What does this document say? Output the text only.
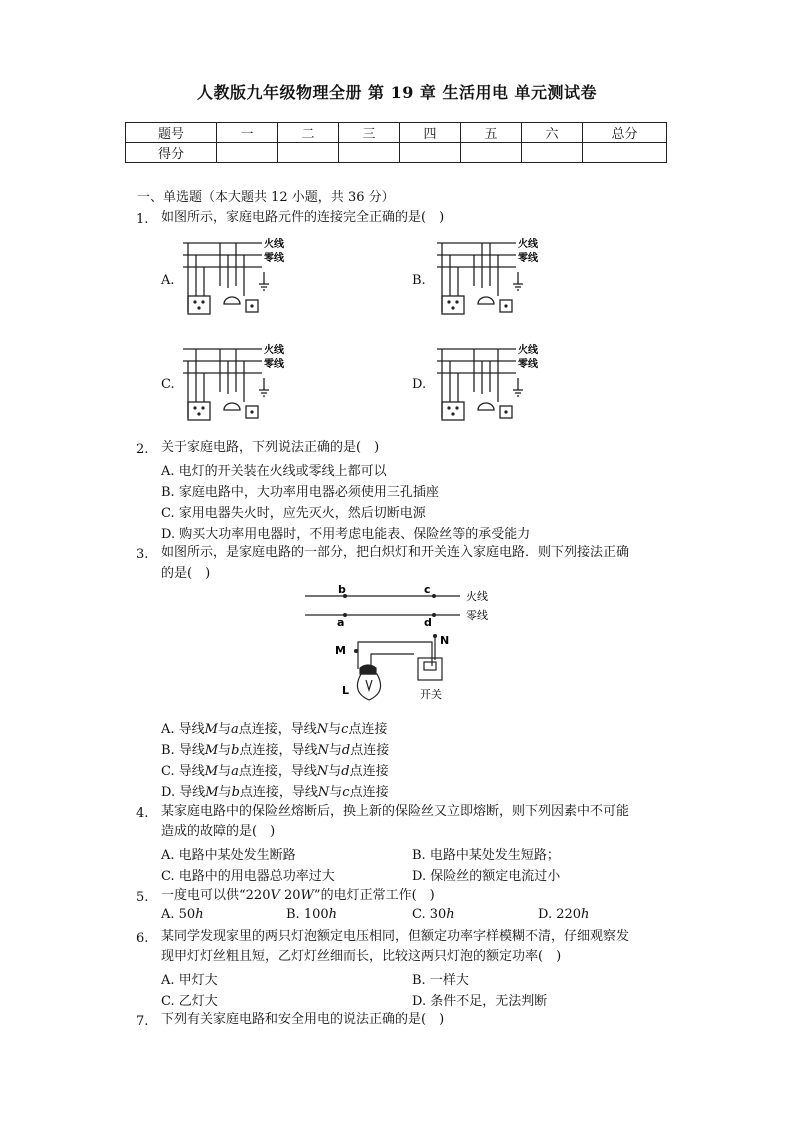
人教版九年级物理全册 第 19 章 生活用电 单元测试卷
题号	一	二	三	四	五	六	总分
得分							
一、单选题（本大题共 12 小题，共 36 分）
1. 如图所示，家庭电路元件的连接完全正确的是( )
A.	B.
C.	D.
火线
零线
火线
零线
火线
零线
火线
零线
2. 关于家庭电路，下列说法正确的是( )
A. 电灯的开关装在火线或零线上都可以
B. 家庭电路中，大功率用电器必须使用三孔插座
C. 家用电器失火时，应先灭火，然后切断电源
D. 购买大功率用电器时，不用考虑电能表、保险丝等的承受能力
3. 如图所示，是家庭电路的一部分，把白炽灯和开关连入家庭电路．则下列接法正确
的是( )
b	c
a	d
火线
零线
N
M
L	开关
A. 导线M与a点连接，导线N与c点连接
B. 导线M与b点连接，导线N与d点连接
C. 导线M与a点连接，导线N与d点连接
D. 导线M与b点连接，导线N与c点连接
4. 某家庭电路中的保险丝熔断后，换上新的保险丝又立即熔断，则下列因素中不可能
造成的故障的是( )
A. 电路中某处发生断路	B. 电路中某处发生短路；
C. 电路中的用电器总功率过大	D. 保险丝的额定电流过小
5. 一度电可以供“220V 20W”的电灯正常工作( )
A. 50h	B. 100h	C. 30h	D. 220h
6. 某同学发现家里的两只灯泡额定电压相同，但额定功率字样模糊不清，仔细观察发
现甲灯灯丝粗且短，乙灯灯丝细而长，比较这两只灯泡的额定功率( )
A. 甲灯大	B. 一样大
C. 乙灯大	D. 条件不足，无法判断
7. 下列有关家庭电路和安全用电的说法正确的是( )
